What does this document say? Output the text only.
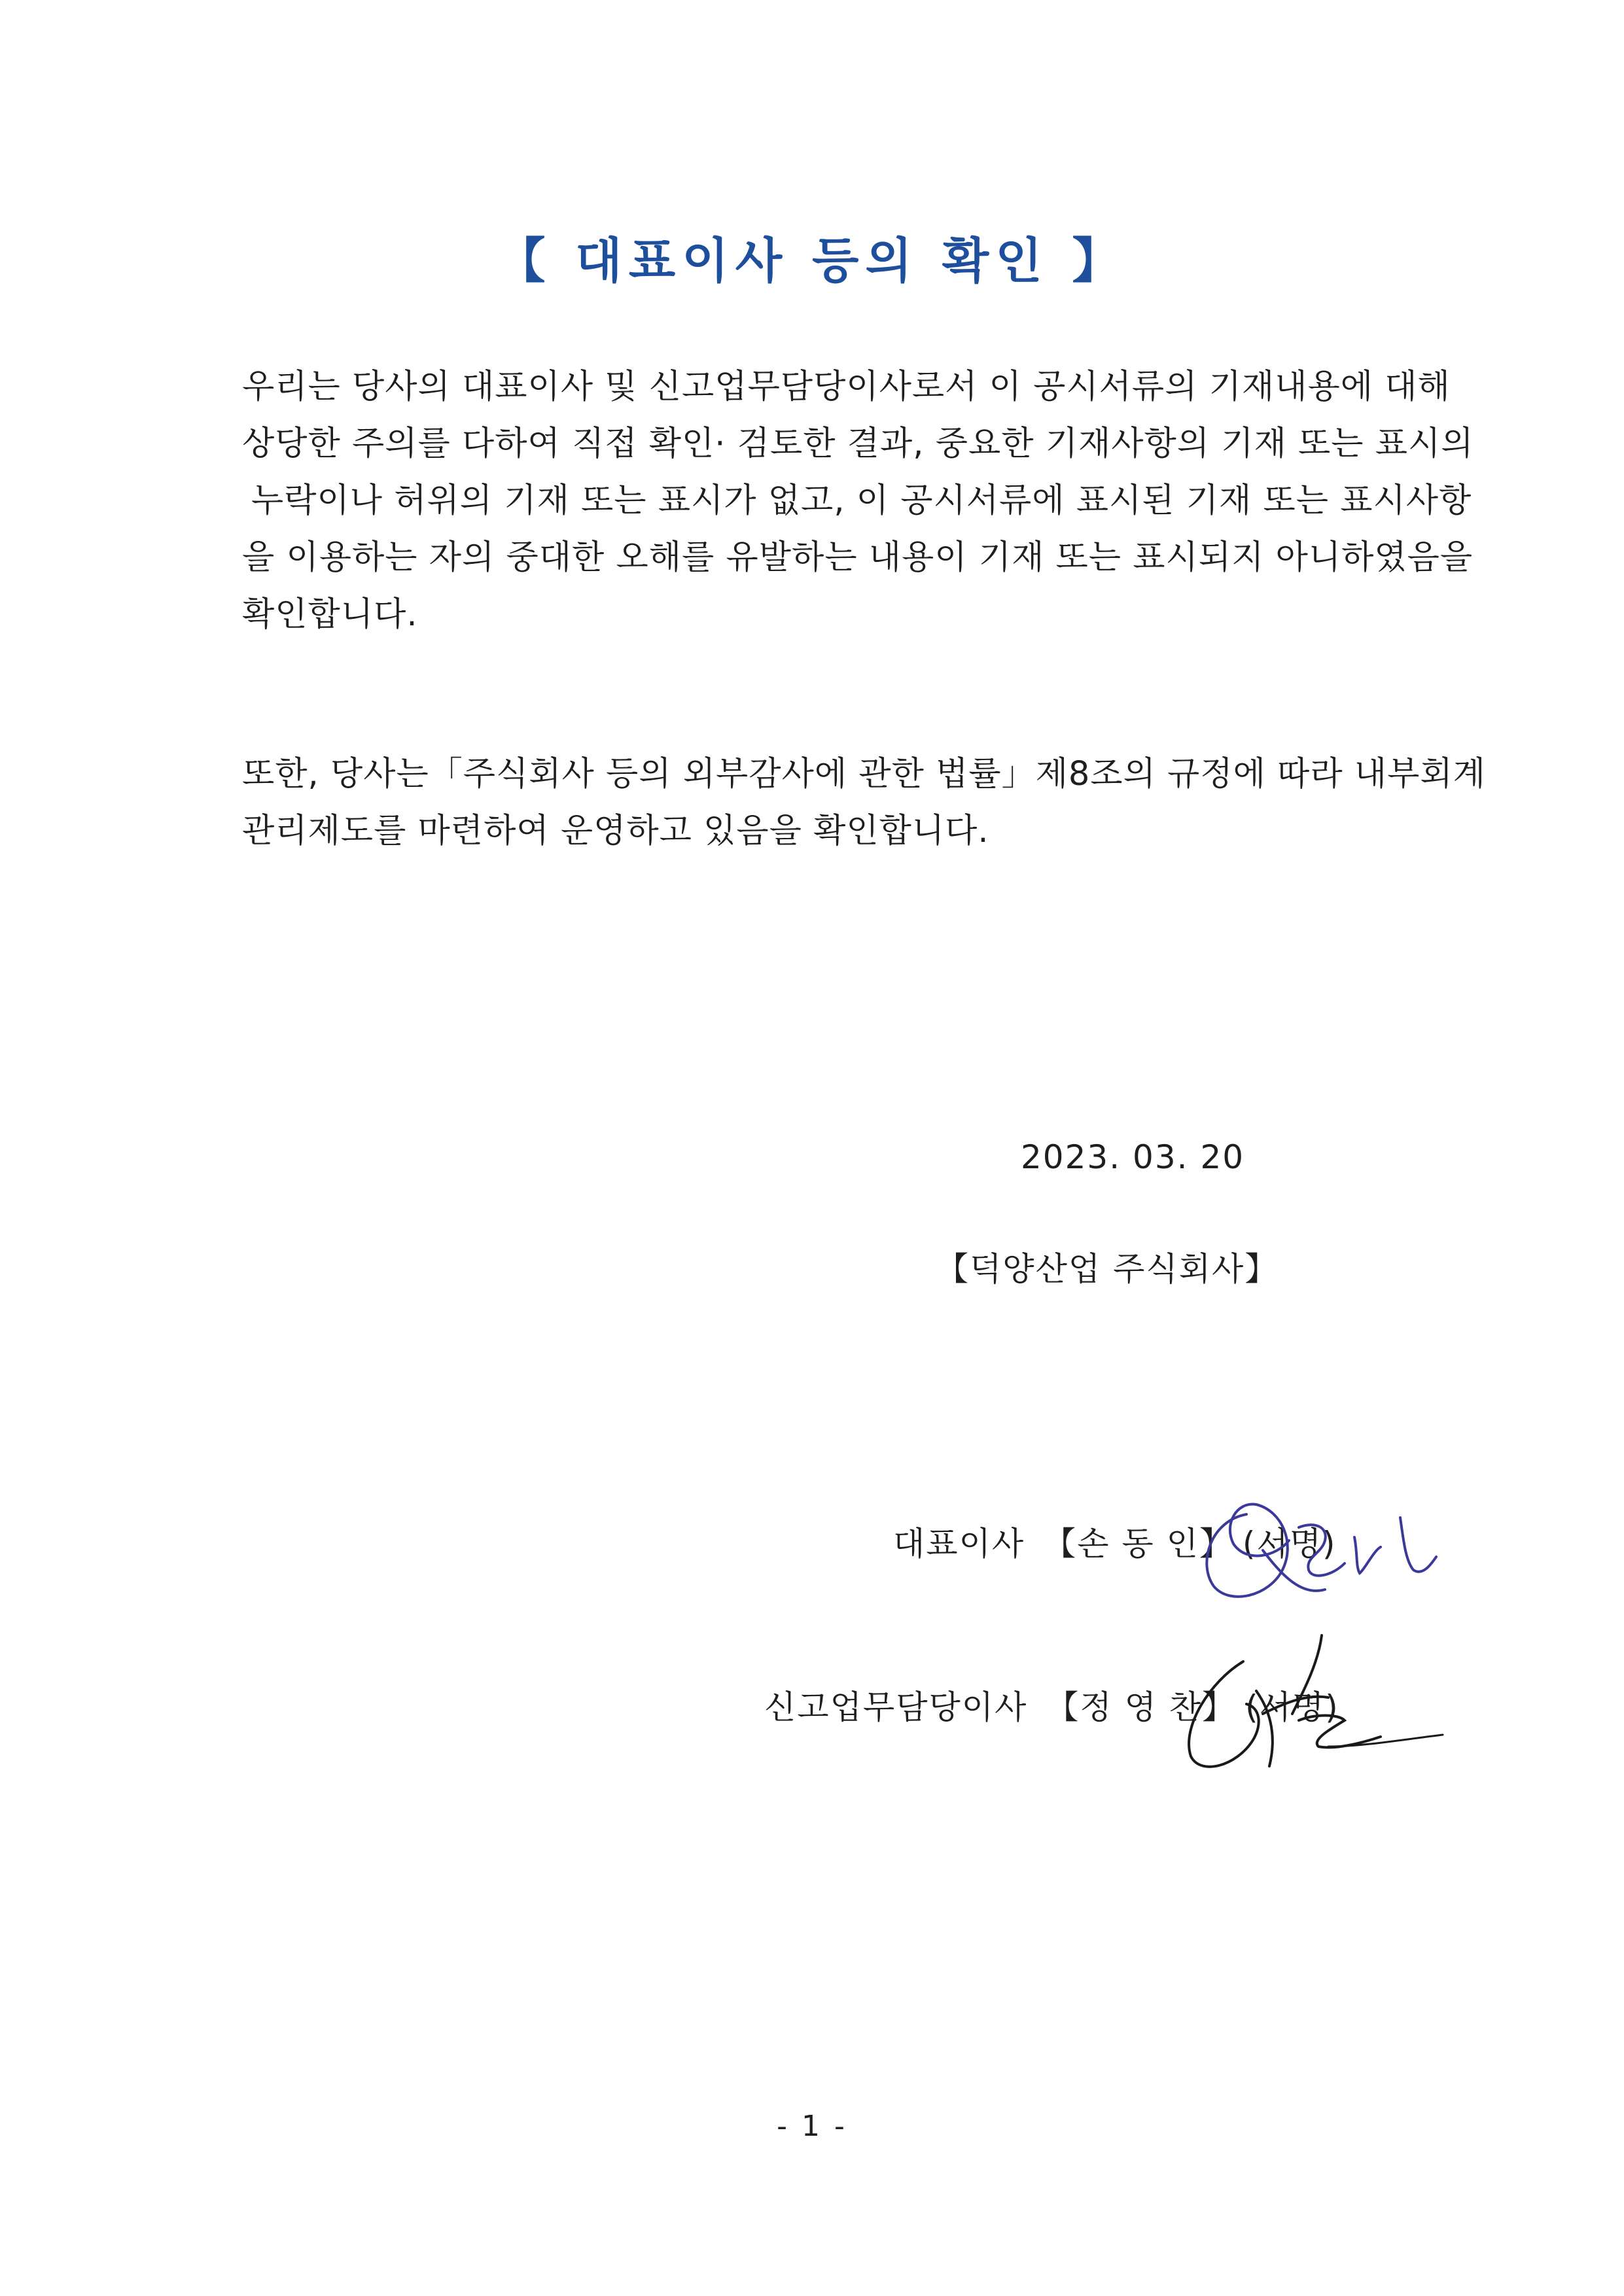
【 대표이사 등의 확인 】
우리는 당사의 대표이사 및 신고업무담당이사로서 이 공시서류의 기재내용에 대해
상당한 주의를 다하여 직접 확인· 검토한 결과, 중요한 기재사항의 기재 또는 표시의
누락이나 허위의 기재 또는 표시가 없고, 이 공시서류에 표시된 기재 또는 표시사항
을 이용하는 자의 중대한 오해를 유발하는 내용이 기재 또는 표시되지 아니하였음을
확인합니다.
또한, 당사는「주식회사 등의 외부감사에 관한 법률」제8조의 규정에 따라 내부회계
관리제도를 마련하여 운영하고 있음을 확인합니다.
2023. 03. 20
【덕양산업 주식회사】
대표이사 【손 동 인】 (서명)
신고업무담당이사 【정 영 찬】 (서명)
- 1 -
